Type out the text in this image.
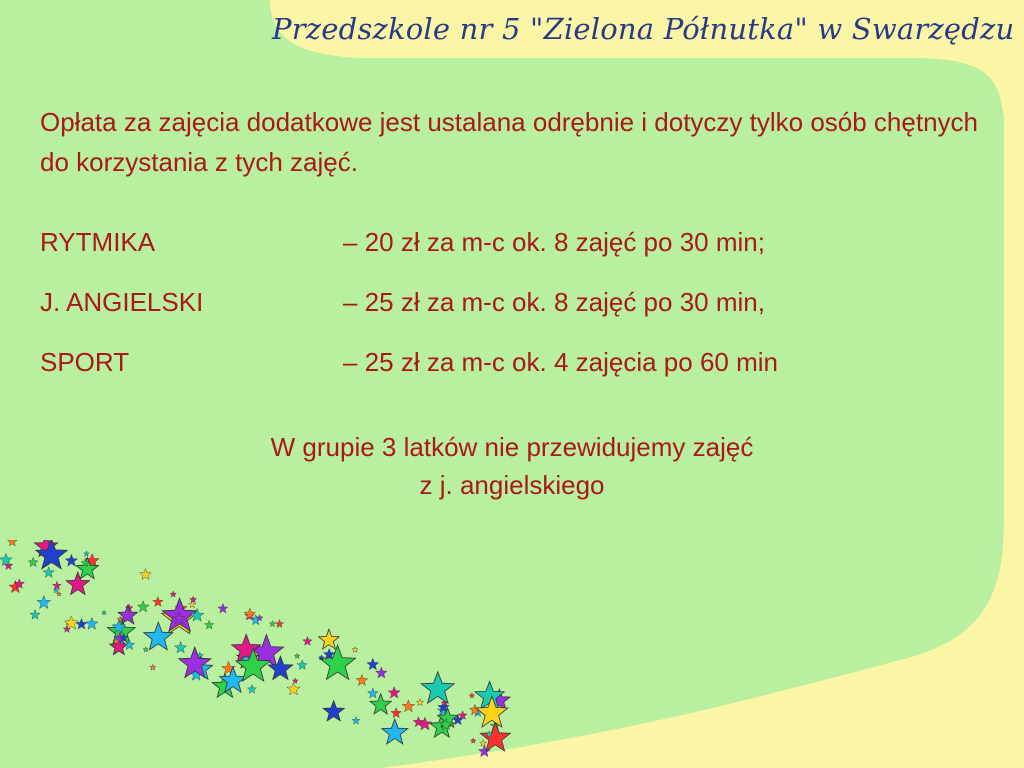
Przedszkole nr 5 "Zielona Półnutka" w Swarzędzu

Opłata za zajęcia dodatkowe jest ustalana odrębnie i dotyczy tylko osób chętnych do korzystania z tych zajęć.

RYTMIKA	– 20 zł za m-c ok. 8 zajęć po 30 min;
J. ANGIELSKI	– 25 zł za m-c ok. 8 zajęć po 30 min,
SPORT	– 25 zł za m-c ok. 4 zajęcia po 60 min
W grupie 3 latków nie przewidujemy zajęć
z j. angielskiego
